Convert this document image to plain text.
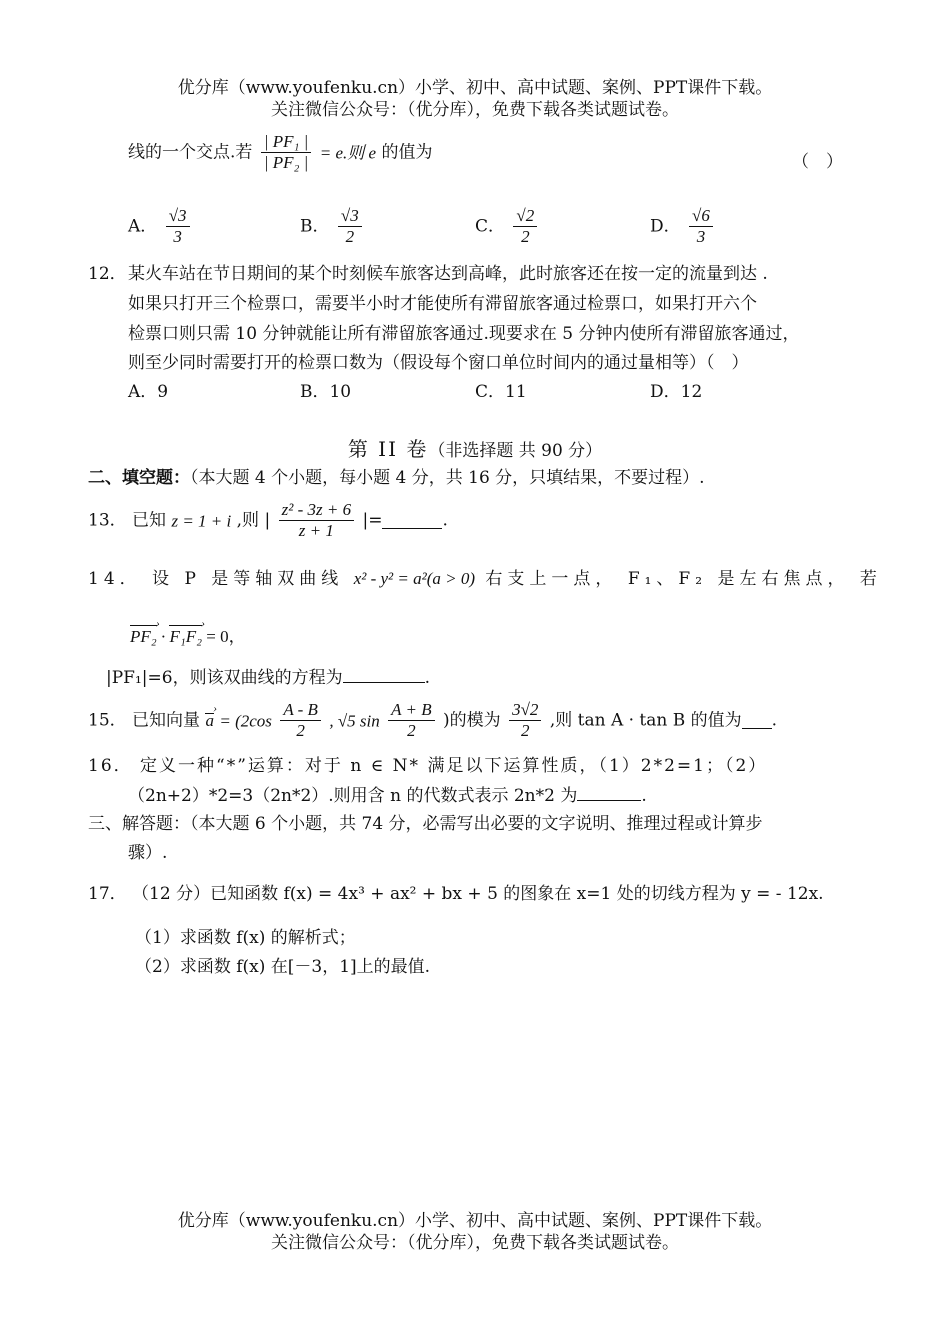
优分库（www.youfenku.cn）小学、初中、高中试题、案例、PPT课件下载。
关注微信公众号：（优分库），免费下载各类试题试卷。
线的一个交点.若 $\frac{\text{| PF₁ |}}{\text{| PF₂ |}} = e$.则 e 的值为	（　）
A． $\frac{√3}{3}$	B． $\frac{√3}{2}$	C． $\frac{√2}{2}$	D． $\frac{√6}{3}$
12． 某火车站在节日期间的某个时刻候车旅客达到高峰，此时旅客还在按一定的流量到达 .
如果只打开三个检票口，需要半小时才能使所有滞留旅客通过检票口，如果打开六个
检票口则只需 10 分钟就能让所有滞留旅客通过.现要求在 5 分钟内使所有滞留旅客通过，
则至少同时需要打开的检票口数为（假设每个窗口单位时间内的通过量相等）（　）
A．9	B．10	C．11	D．12
第 II 卷（非选择题 共 90 分）
二、填空题：（本大题 4 个小题，每小题 4 分，共 16 分，只填结果，不要过程）.
13． 已知 z = 1 + i ,则 | $\frac{\text{z² - 3z + 6}}{z + 1}$ |=	.
14． 设 P 是等轴双曲线 x² - y² = a²(a > 0) 右支上一点， F₁、F₂ 是左右焦点， 若
PF₂ › · F₁F₂ › = 0，
|PF₁|=6，则该双曲线的方程为	.
15． 已知向量 a › = ($2\cos \frac{A - B}{2}$ , √5 $\sin \frac{A + B}{2}$ )的模为 $\frac{3√2}{2}$ ,则 tan A · tan B 的值为 .
16． 定义一种“*”运算：对于 n ∈ N* 满足以下运算性质，（1）2*2=1；（2）
（2n+2）*2=3（2n*2）.则用含 n 的代数式表示 2n*2 为	.
三、解答题：（本大题 6 个小题，共 74 分，必需写出必要的文字说明、推理过程或计算步
骤）.
17． （12 分）已知函数 f(x) = 4x³ + ax² + bx + 5 的图象在 x=1 处的切线方程为 y = - 12x.
（1）求函数 f(x) 的解析式；
（2）求函数 f(x) 在[－3，1]上的最值.
优分库（www.youfenku.cn）小学、初中、高中试题、案例、PPT课件下载。
关注微信公众号：（优分库），免费下载各类试题试卷。
